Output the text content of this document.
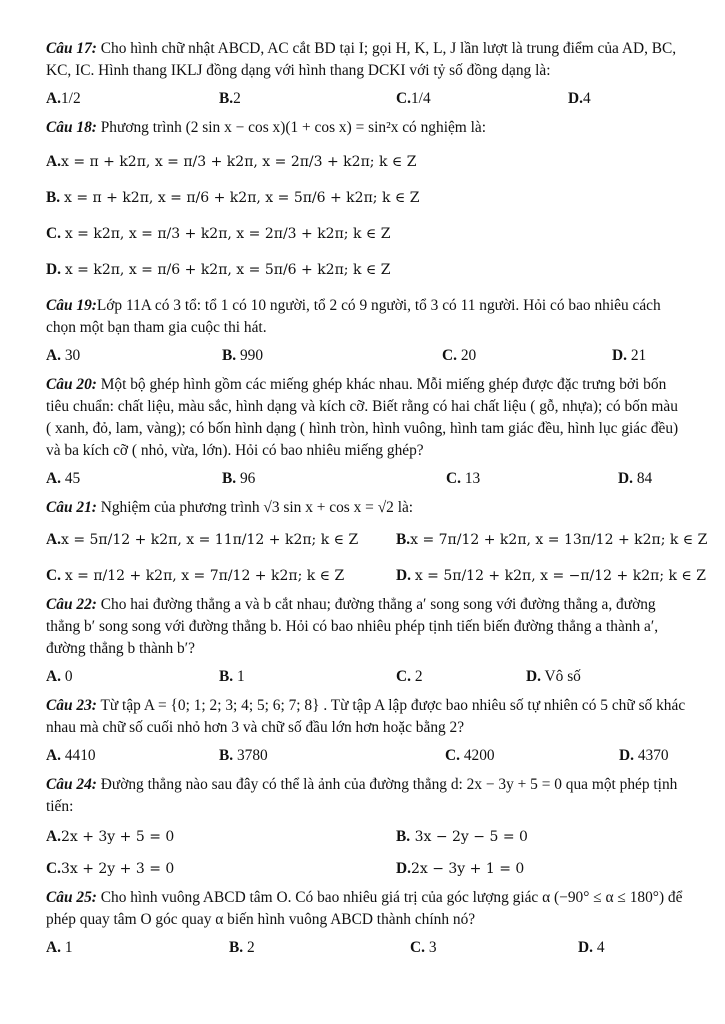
Câu 17: Cho hình chữ nhật ABCD, AC cắt BD tại I; gọi H, K, L, J lần lượt là trung điểm của AD, BC, KC, IC. Hình thang IKLJ đồng dạng với hình thang DCKI với tỷ số đồng dạng là:

A.1/2	B.2	C.1/4	D.4

Câu 18: Phương trình (2 sin x − cos x)(1 + cos x) = sin²x có nghiệm là:

A.x = π + k2π, x = π/3 + k2π, x = 2π/3 + k2π; k ∈ Z
B. x = π + k2π, x = π/6 + k2π, x = 5π/6 + k2π; k ∈ Z
C. x = k2π, x = π/3 + k2π, x = 2π/3 + k2π; k ∈ Z
D. x = k2π, x = π/6 + k2π, x = 5π/6 + k2π; k ∈ Z

Câu 19:Lớp 11A có 3 tổ: tổ 1 có 10 người, tổ 2 có 9 người, tổ 3 có 11 người. Hỏi có bao nhiêu cách chọn một bạn tham gia cuộc thi hát.

A. 30	B. 990	C. 20	D. 21

Câu 20: Một bộ ghép hình gồm các miếng ghép khác nhau. Mỗi miếng ghép được đặc trưng bởi bốn tiêu chuẩn: chất liệu, màu sắc, hình dạng và kích cỡ. Biết rằng có hai chất liệu ( gỗ, nhựa); có bốn màu ( xanh, đỏ, lam, vàng); có bốn hình dạng ( hình tròn, hình vuông, hình tam giác đều, hình lục giác đều) và ba kích cỡ ( nhỏ, vừa, lớn). Hỏi có bao nhiêu miếng ghép?

A. 45	B. 96	C. 13	D. 84

Câu 21: Nghiệm của phương trình √3 sin x + cos x = √2 là:

A.x = 5π/12 + k2π, x = 11π/12 + k2π; k ∈ Z	B.x = 7π/12 + k2π, x = 13π/12 + k2π; k ∈ Z
C. x = π/12 + k2π, x = 7π/12 + k2π; k ∈ Z	D. x = 5π/12 + k2π, x = −π/12 + k2π; k ∈ Z

Câu 22: Cho hai đường thẳng a và b cắt nhau; đường thẳng a′ song song với đường thẳng a, đường thẳng b′ song song với đường thẳng b. Hỏi có bao nhiêu phép tịnh tiến biến đường thẳng a thành a′, đường thẳng b thành b′?

A. 0	B. 1	C. 2	D. Vô số

Câu 23: Từ tập A = {0; 1; 2; 3; 4; 5; 6; 7; 8} . Từ tập A lập được bao nhiêu số tự nhiên có 5 chữ số khác nhau mà chữ số cuối nhỏ hơn 3 và chữ số đầu lớn hơn hoặc bằng 2?

A. 4410	B. 3780	C. 4200	D. 4370

Câu 24: Đường thẳng nào sau đây có thể là ảnh của đường thẳng d: 2x − 3y + 5 = 0 qua một phép tịnh tiến:

A.2x + 3y + 5 = 0	B. 3x − 2y − 5 = 0
C.3x + 2y + 3 = 0	D.2x − 3y + 1 = 0

Câu 25: Cho hình vuông ABCD tâm O. Có bao nhiêu giá trị của góc lượng giác α (−90° ≤ α ≤ 180°) để phép quay tâm O góc quay α biến hình vuông ABCD thành chính nó?

A. 1	B. 2	C. 3	D. 4
